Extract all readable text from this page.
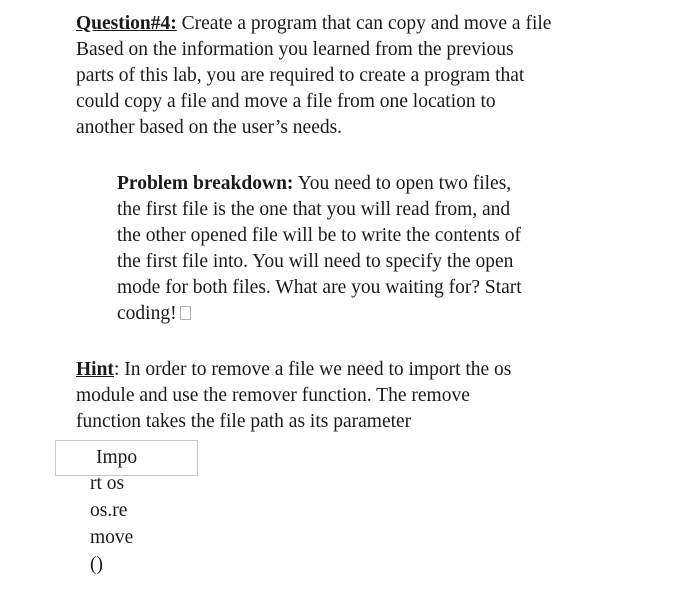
Question#4: Create a program that can copy and move a file
Based on the information you learned from the previous
parts of this lab, you are required to create a program that
could copy a file and move a file from one location to
another based on the user’s needs.
Problem breakdown: You need to open two files,
the first file is the one that you will read from, and
the other opened file will be to write the contents of
the first file into. You will need to specify the open
mode for both files. What are you waiting for? Start
coding!
Hint: In order to remove a file we need to import the os
module and use the remover function. The remove
function takes the file path as its parameter
Impo
rt os
os.re
move
()
